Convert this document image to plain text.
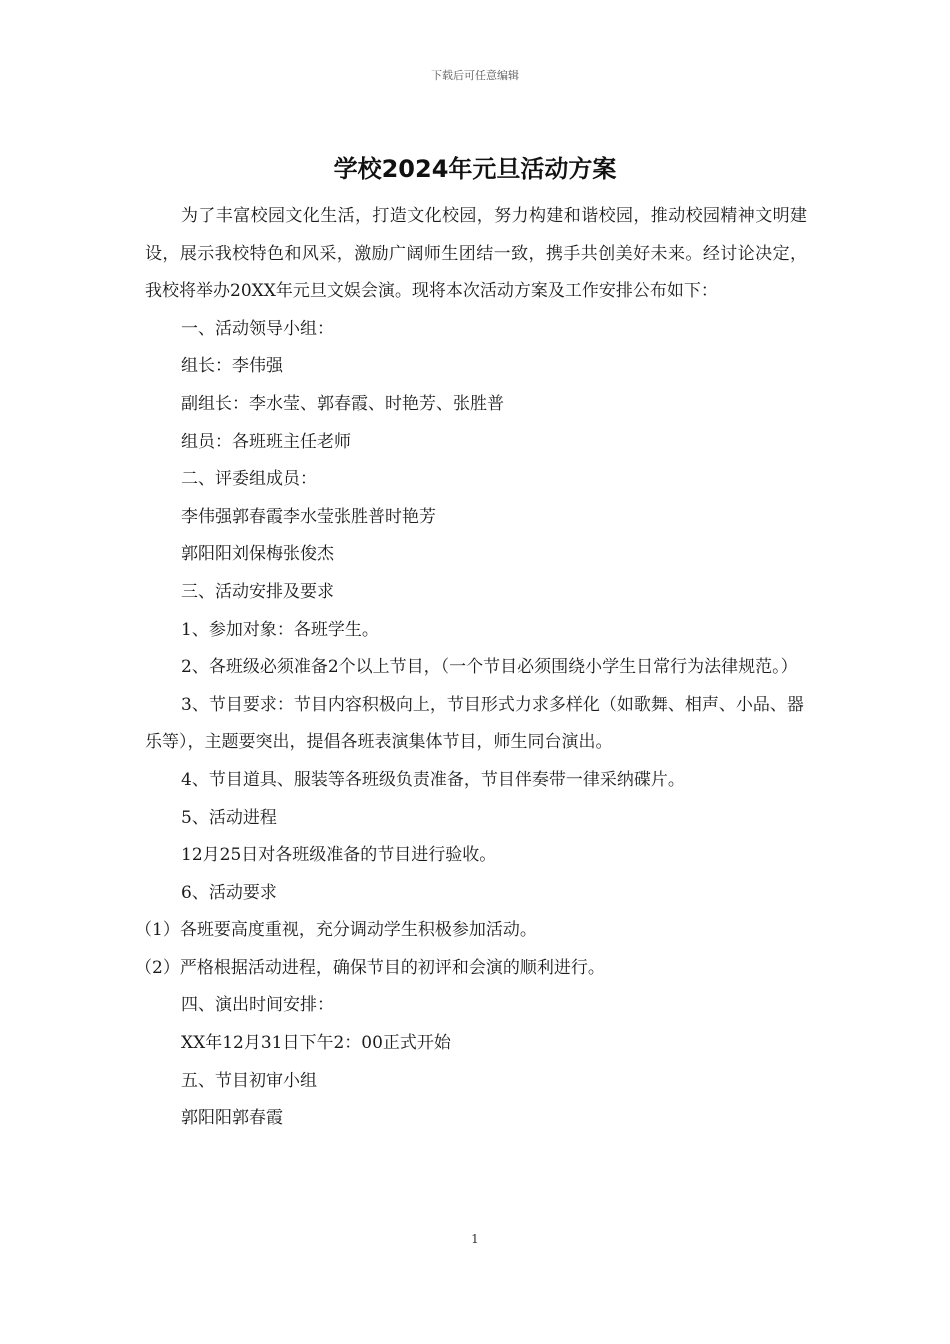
下载后可任意编辑
学校2024年元旦活动方案

为了丰富校园文化生活，打造文化校园，努力构建和谐校园，推动校园精神文明建设，展示我校特色和风采，激励广阔师生团结一致，携手共创美好未来。经讨论决定，我校将举办20XX年元旦文娱会演。现将本次活动方案及工作安排公布如下：

一、活动领导小组：

组长：李伟强

副组长：李水莹、郭春霞、时艳芳、张胜普

组员：各班班主任老师

二、评委组成员：

李伟强郭春霞李水莹张胜普时艳芳

郭阳阳刘保梅张俊杰

三、活动安排及要求

1、参加对象：各班学生。

2、各班级必须准备2个以上节目，（一个节目必须围绕小学生日常行为法律规范。）

3、节目要求：节目内容积极向上，节目形式力求多样化（如歌舞、相声、小品、器乐等），主题要突出，提倡各班表演集体节目，师生同台演出。

4、节目道具、服装等各班级负责准备，节目伴奏带一律采纳碟片。

5、活动进程

12月25日对各班级准备的节目进行验收。

6、活动要求

（1）各班要高度重视，充分调动学生积极参加活动。

（2）严格根据活动进程，确保节目的初评和会演的顺利进行。

四、演出时间安排：

XX年12月31日下午2：00正式开始

五、节目初审小组

郭阳阳郭春霞

1
